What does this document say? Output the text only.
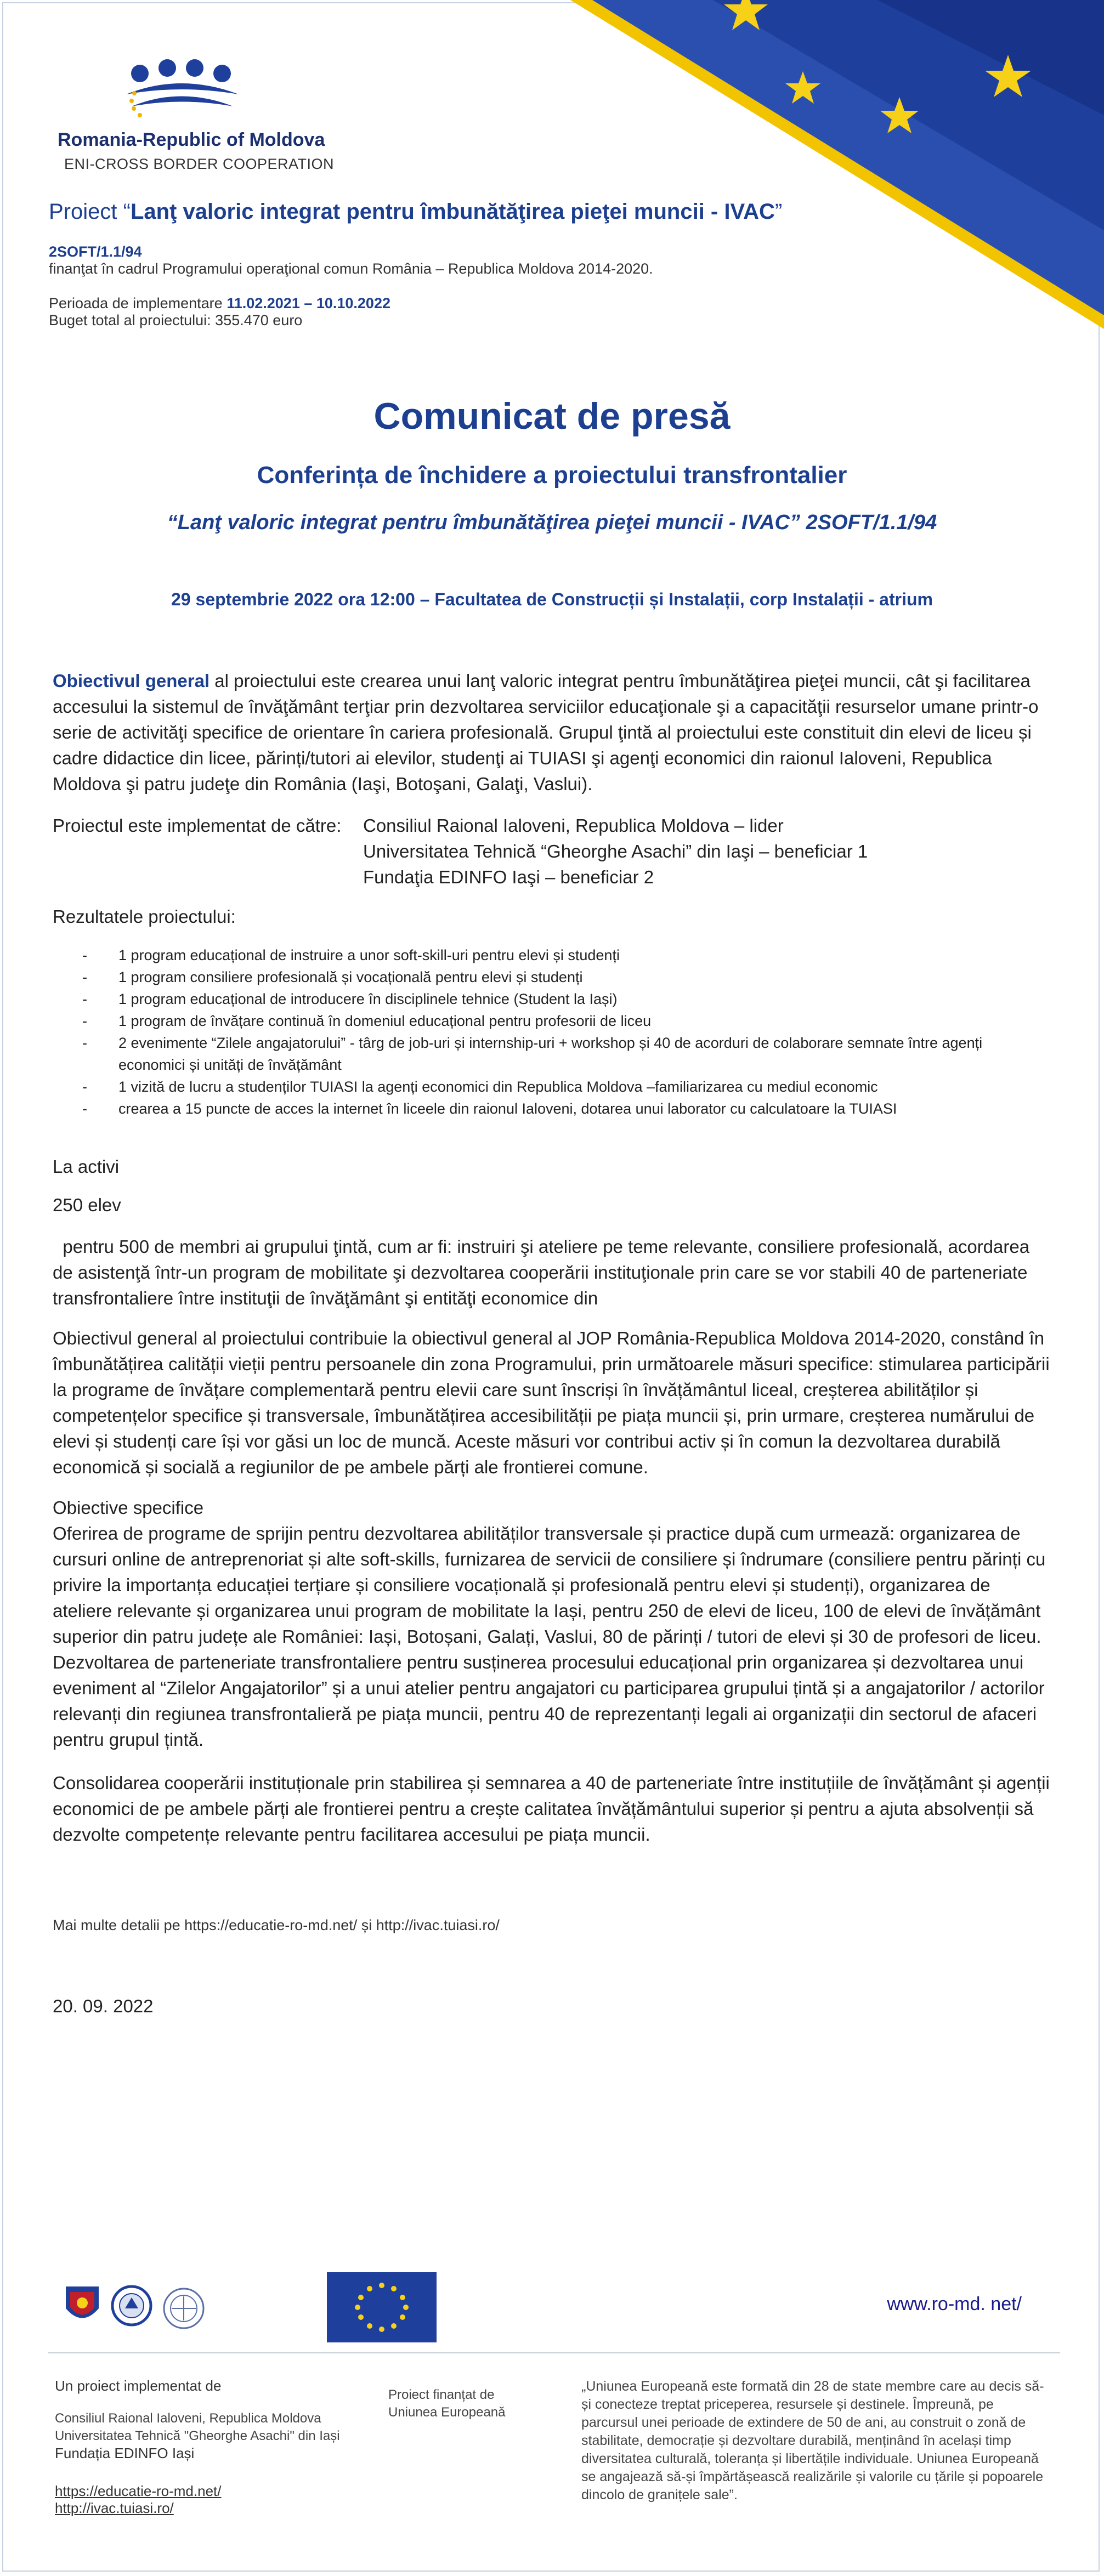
Romania-Republic of Moldova
ENI-CROSS BORDER COOPERATION
Proiect “Lanţ valoric integrat pentru îmbunătăţirea pieţei muncii - IVAC”
2SOFT/1.1/94
finanţat în cadrul Programului operaţional comun România – Republica Moldova 2014-2020.
Perioada de implementare 11.02.2021 – 10.10.2022
Buget total al proiectului: 355.470 euro
Comunicat de presă
Conferința de închidere a proiectului transfrontalier
“Lanţ valoric integrat pentru îmbunătăţirea pieţei muncii - IVAC” 2SOFT/1.1/94
29 septembrie 2022 ora 12:00 – Facultatea de Construcții și Instalații, corp Instalații - atrium
Obiectivul general al proiectului este crearea unui lanţ valoric integrat pentru îmbunătăţirea pieţei muncii, cât şi facilitarea accesului la sistemul de învăţământ terţiar prin dezvoltarea serviciilor educaţionale şi a capacităţii resurselor umane printr-o serie de activităţi specifice de orientare în cariera profesională. Grupul ţintă al proiectului este constituit din elevi de liceu și cadre didactice din licee, părinți/tutori ai elevilor, studenţi ai TUIASI şi agenţi economici din raionul Ialoveni, Republica Moldova şi patru judeţe din România (Iaşi, Botoşani, Galaţi, Vaslui).
Proiectul este implementat de către: Consiliul Raional Ialoveni, Republica Moldova – lider
Universitatea Tehnică “Gheorghe Asachi” din Iaşi – beneficiar 1
Fundaţia EDINFO Iaşi – beneficiar 2
Rezultatele proiectului:
- 1 program educațional de instruire a unor soft-skill-uri pentru elevi și studenți
- 1 program consiliere profesională și vocațională pentru elevi și studenți
- 1 program educațional de introducere în disciplinele tehnice (Student la Iași)
- 1 program de învățare continuă în domeniul educațional pentru profesorii de liceu
- 2 evenimente “Zilele angajatorului” - târg de job-uri și internship-uri + workshop și 40 de acorduri de colaborare semnate între agenți economici și unități de învățământ
- 1 vizită de lucru a studenților TUIASI la agenți economici din Republica Moldova –familiarizarea cu mediul economic
- crearea a 15 puncte de acces la internet în liceele din raionul Ialoveni, dotarea unui laborator cu calculatoare la TUIASI
La activi
250 elev
pentru 500 de membri ai grupului ţintă, cum ar fi: instruiri şi ateliere pe teme relevante, consiliere profesională, acordarea de asistenţă într-un program de mobilitate şi dezvoltarea cooperării instituţionale prin care se vor stabili 40 de parteneriate transfrontaliere între instituţii de învăţământ şi entităţi economice din
Obiectivul general al proiectului contribuie la obiectivul general al JOP România-Republica Moldova 2014-2020, constând în îmbunătățirea calității vieții pentru persoanele din zona Programului, prin următoarele măsuri specifice: stimularea participării la programe de învățare complementară pentru elevii care sunt înscriși în învățământul liceal, creșterea abilităților și competențelor specifice și transversale, îmbunătățirea accesibilității pe piața muncii și, prin urmare, creșterea numărului de elevi și studenți care își vor găsi un loc de muncă. Aceste măsuri vor contribui activ și în comun la dezvoltarea durabilă economică și socială a regiunilor de pe ambele părți ale frontierei comune.
Obiective specifice
Oferirea de programe de sprijin pentru dezvoltarea abilităților transversale și practice după cum urmează: organizarea de cursuri online de antreprenoriat și alte soft-skills, furnizarea de servicii de consiliere și îndrumare (consiliere pentru părinți cu privire la importanța educației terțiare și consiliere vocațională și profesională pentru elevi și studenți), organizarea de ateliere relevante și organizarea unui program de mobilitate la Iași, pentru 250 de elevi de liceu, 100 de elevi de învățământ superior din patru județe ale României: Iași, Botoșani, Galați, Vaslui, 80 de părinți / tutori de elevi și 30 de profesori de liceu. Dezvoltarea de parteneriate transfrontaliere pentru susținerea procesului educațional prin organizarea și dezvoltarea unui eveniment al “Zilelor Angajatorilor” și a unui atelier pentru angajatori cu participarea grupului țintă și a angajatorilor / actorilor relevanți din regiunea transfrontalieră pe piața muncii, pentru 40 de reprezentanți legali ai organizații din sectorul de afaceri pentru grupul țintă.
Consolidarea cooperării instituționale prin stabilirea și semnarea a 40 de parteneriate între instituțiile de învățământ și agenții economici de pe ambele părți ale frontierei pentru a crește calitatea învățământului superior și pentru a ajuta absolvenții să dezvolte competențe relevante pentru facilitarea accesului pe piața muncii.
Mai multe detalii pe https://educatie-ro-md.net/ și http://ivac.tuiasi.ro/
20. 09. 2022
www.ro-md. net/
Un proiect implementat de
Consiliul Raional Ialoveni, Republica Moldova
Universitatea Tehnică "Gheorghe Asachi" din Iași
Fundația EDINFO Iași
https://educatie-ro-md.net/
http://ivac.tuiasi.ro/
Proiect finanțat de
Uniunea Europeană
„Uniunea Europeană este formată din 28 de state membre care au decis să-și conecteze treptat priceperea, resursele și destinele. Împreună, pe parcursul unei perioade de extindere de 50 de ani, au construit o zonă de stabilitate, democrație și dezvoltare durabilă, menținând în același timp diversitatea culturală, toleranța și libertățile individuale. Uniunea Europeană se angajează să-și împărtășească realizările și valorile cu țările și popoarele dincolo de granițele sale”.
